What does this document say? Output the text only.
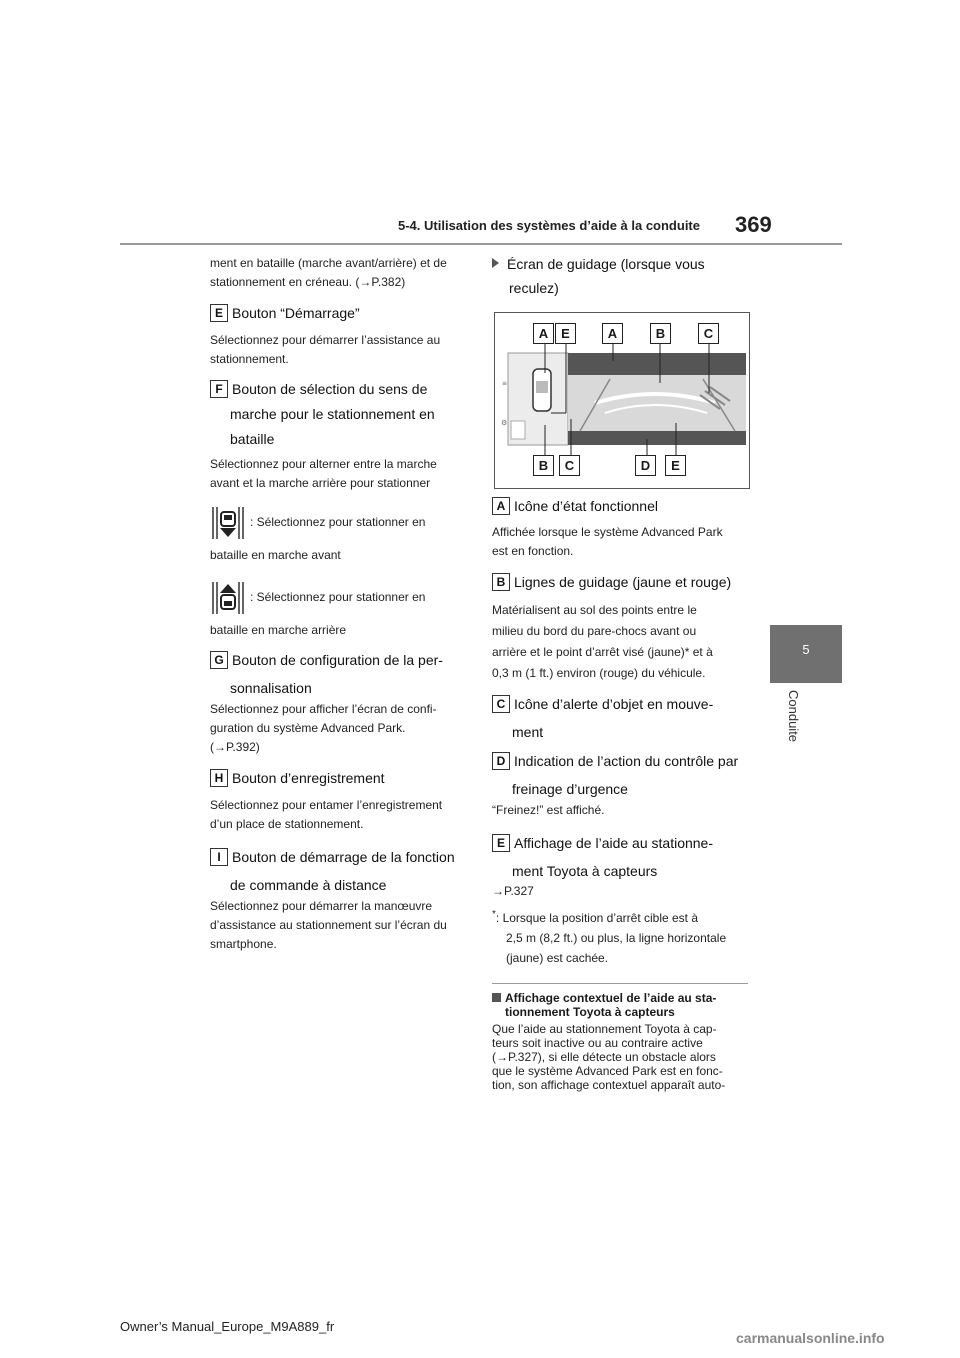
5-4. Utilisation des systèmes d’aide à la conduite 369
5
Conduite
ment en bataille (marche avant/arrière) et de
stationnement en créneau. (→P.382)
E Bouton “Démarrage”
Sélectionnez pour démarrer l’assistance au
stationnement.
F Bouton de sélection du sens de
marche pour le stationnement en
bataille
Sélectionnez pour alterner entre la marche
avant et la marche arrière pour stationner
: Sélectionnez pour stationner en
bataille en marche avant
: Sélectionnez pour stationner en
bataille en marche arrière
G Bouton de configuration de la per-
sonnalisation
Sélectionnez pour afficher l’écran de confi-
guration du système Advanced Park.
(→P.392)
H Bouton d’enregistrement
Sélectionnez pour entamer l’enregistrement
d’un place de stationnement.
I Bouton de démarrage de la fonction
de commande à distance
Sélectionnez pour démarrer la manœuvre
d’assistance au stationnement sur l’écran du
smartphone.
Écran de guidage (lorsque vous
reculez)
≡
⚙
A E	A	B	C
B	C	D	E
A Icône d’état fonctionnel
Affichée lorsque le système Advanced Park
est en fonction.
B Lignes de guidage (jaune et rouge)
Matérialisent au sol des points entre le
milieu du bord du pare-chocs avant ou
arrière et le point d’arrêt visé (jaune)* et à
0,3 m (1 ft.) environ (rouge) du véhicule.
C Icône d’alerte d’objet en mouve-
ment
D Indication de l’action du contrôle par
freinage d’urgence
“Freinez!” est affiché.
E Affichage de l’aide au stationne-
ment Toyota à capteurs
→P.327
*: Lorsque la position d’arrêt cible est à
2,5 m (8,2 ft.) ou plus, la ligne horizontale
(jaune) est cachée.
Affichage contextuel de l’aide au sta-
tionnement Toyota à capteurs
Que l’aide au stationnement Toyota à cap-
teurs soit inactive ou au contraire active
(→P.327), si elle détecte un obstacle alors
que le système Advanced Park est en fonc-
tion, son affichage contextuel apparaît auto-
Owner’s Manual_Europe_M9A889_fr
carmanualsonline.info
